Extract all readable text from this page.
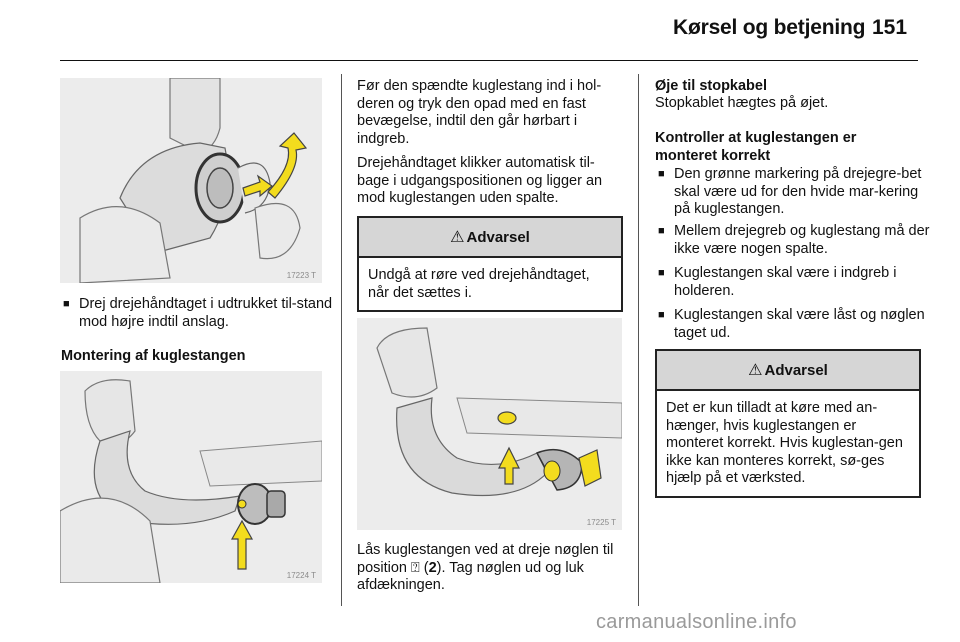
Kørsel og betjening 151
17223 T
■ Drej drejehåndtaget i udtrukket til-stand mod højre indtil anslag.
Montering af kuglestangen
17224 T
Før den spændte kuglestang ind i hol-deren og tryk den opad med en fast bevægelse, indtil den går hørbart i indgreb.
Drejehåndtaget klikker automatisk til-bage i udgangspositionen og ligger an mod kuglestangen uden spalte.
⚠ Advarsel
Undgå at røre ved drejehåndtaget, når det sættes i.
17225 T
Lås kuglestangen ved at dreje nøglen til position ⍰ (2). Tag nøglen ud og luk afdækningen.
Øje til stopkabel
Stopkablet hægtes på øjet.
Kontroller at kuglestangen er monteret korrekt
■ Den grønne markering på drejegre-bet skal være ud for den hvide mar-kering på kuglestangen.
■ Mellem drejegreb og kuglestang må der ikke være nogen spalte.
■ Kuglestangen skal være i indgreb i holderen.
■ Kuglestangen skal være låst og nøglen taget ud.
⚠ Advarsel
Det er kun tilladt at køre med an-hænger, hvis kuglestangen er monteret korrekt. Hvis kuglestan-gen ikke kan monteres korrekt, sø-ges hjælp på et værksted.
carmanualsonline.info
